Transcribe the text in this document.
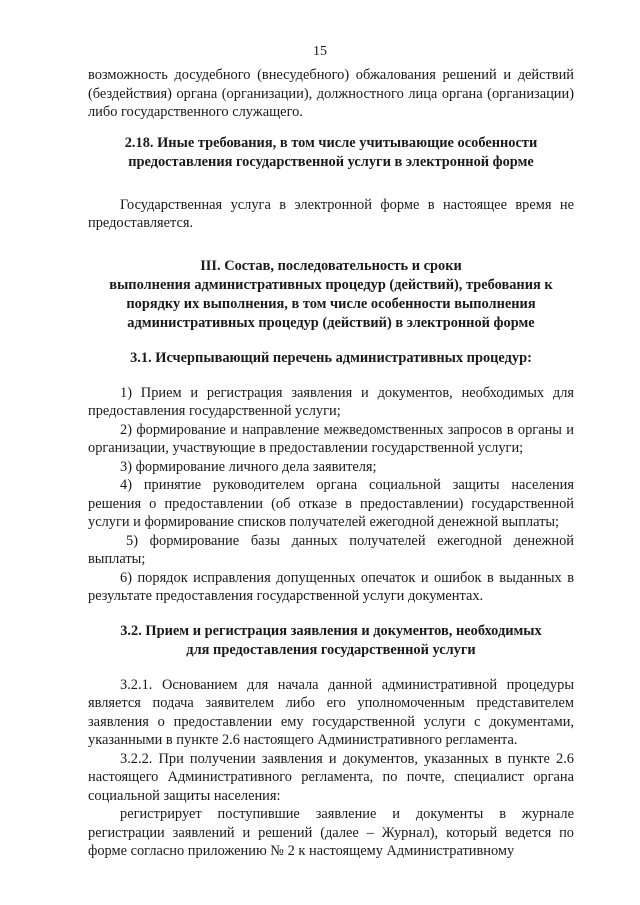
15

возможность досудебного (внесудебного) обжалования решений и действий (бездействия) органа (организации), должностного лица органа (организации) либо государственного служащего.

2.18. Иные требования, в том числе учитывающие особенности
предоставления государственной услуги в электронной форме

Государственная услуга в электронной форме в настоящее время не предоставляется.

III. Состав, последовательность и сроки
выполнения административных процедур (действий), требования к
порядку их выполнения, в том числе особенности выполнения
административных процедур (действий) в электронной форме
3.1. Исчерпывающий перечень административных процедур:

1) Прием и регистрация заявления и документов, необходимых для предоставления государственной услуги;

2) формирование и направление межведомственных запросов в органы и организации, участвующие в предоставлении государственной услуги;

3) формирование личного дела заявителя;

4) принятие руководителем органа социальной защиты населения решения о предоставлении (об отказе в предоставлении) государственной услуги и формирование списков получателей ежегодной денежной выплаты;

5) формирование базы данных получателей ежегодной денежной выплаты;

6) порядок исправления допущенных опечаток и ошибок в выданных в результате предоставления государственной услуги документах.

3.2. Прием и регистрация заявления и документов, необходимых
для предоставления государственной услуги

3.2.1. Основанием для начала данной административной процедуры является подача заявителем либо его уполномоченным представителем заявления о предоставлении ему государственной услуги с документами, указанными в пункте 2.6 настоящего Административного регламента.

3.2.2. При получении заявления и документов, указанных в пункте 2.6 настоящего Административного регламента, по почте, специалист органа социальной защиты населения:

регистрирует поступившие заявление и документы в журнале регистрации заявлений и решений (далее – Журнал), который ведется по форме согласно приложению № 2 к настоящему Административному
